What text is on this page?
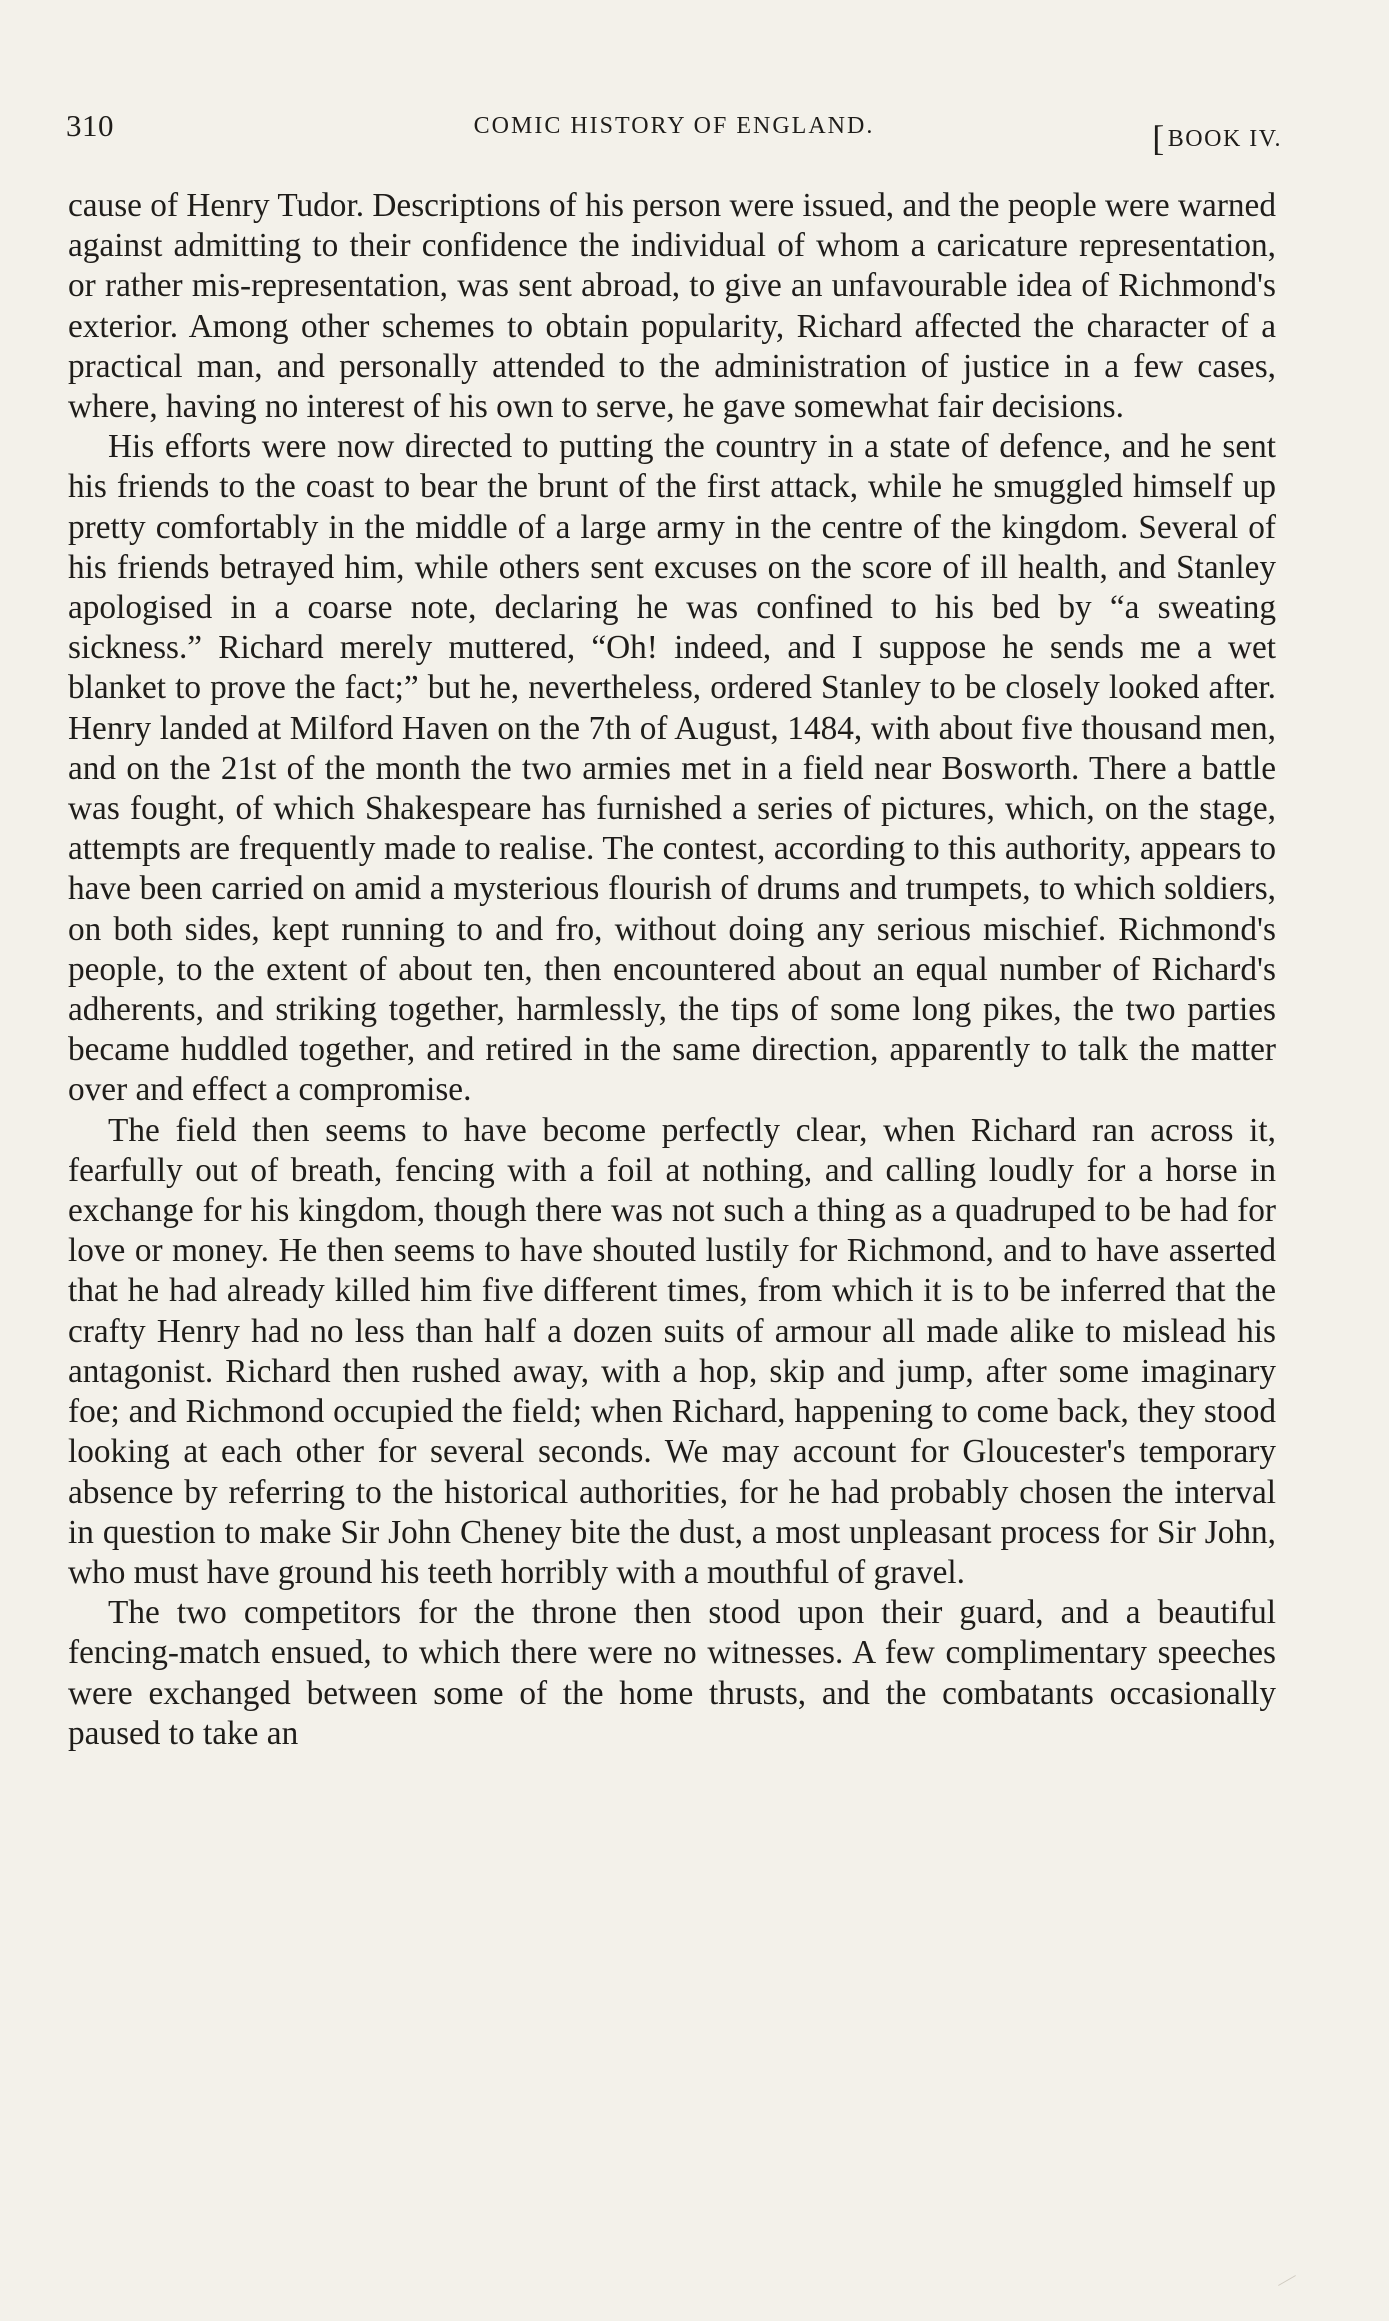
310	COMIC HISTORY OF ENGLAND.	[ BOOK IV.

cause of Henry Tudor. Descriptions of his person were issued, and the people were warned against admitting to their confidence the individual of whom a caricature representation, or rather mis-representation, was sent abroad, to give an unfavourable idea of Richmond's exterior. Among other schemes to obtain popularity, Richard affected the character of a practical man, and personally attended to the administration of justice in a few cases, where, having no interest of his own to serve, he gave somewhat fair decisions.

His efforts were now directed to putting the country in a state of defence, and he sent his friends to the coast to bear the brunt of the first attack, while he smuggled himself up pretty comfortably in the middle of a large army in the centre of the kingdom. Several of his friends betrayed him, while others sent excuses on the score of ill health, and Stanley apologised in a coarse note, declaring he was confined to his bed by “a sweating sickness.” Richard merely muttered, “Oh! indeed, and I suppose he sends me a wet blanket to prove the fact;” but he, nevertheless, ordered Stanley to be closely looked after. Henry landed at Milford Haven on the 7th of August, 1484, with about five thousand men, and on the 21st of the month the two armies met in a field near Bosworth. There a battle was fought, of which Shakespeare has furnished a series of pictures, which, on the stage, attempts are frequently made to realise. The contest, according to this authority, appears to have been carried on amid a mysterious flourish of drums and trumpets, to which soldiers, on both sides, kept running to and fro, without doing any serious mischief. Richmond's people, to the extent of about ten, then encountered about an equal number of Richard's adherents, and striking together, harmlessly, the tips of some long pikes, the two parties became huddled together, and retired in the same direction, apparently to talk the matter over and effect a compromise.

The field then seems to have become perfectly clear, when Richard ran across it, fearfully out of breath, fencing with a foil at nothing, and calling loudly for a horse in exchange for his kingdom, though there was not such a thing as a quadruped to be had for love or money. He then seems to have shouted lustily for Richmond, and to have asserted that he had already killed him five different times, from which it is to be inferred that the crafty Henry had no less than half a dozen suits of armour all made alike to mislead his antagonist. Richard then rushed away, with a hop, skip and jump, after some imaginary foe; and Richmond occupied the field; when Richard, happening to come back, they stood looking at each other for several seconds. We may account for Gloucester's temporary absence by referring to the historical authorities, for he had probably chosen the interval in question to make Sir John Cheney bite the dust, a most unpleasant process for Sir John, who must have ground his teeth horribly with a mouthful of gravel.

The two competitors for the throne then stood upon their guard, and a beautiful fencing-match ensued, to which there were no witnesses. A few complimentary speeches were exchanged between some of the home thrusts, and the combatants occasionally paused to take an
